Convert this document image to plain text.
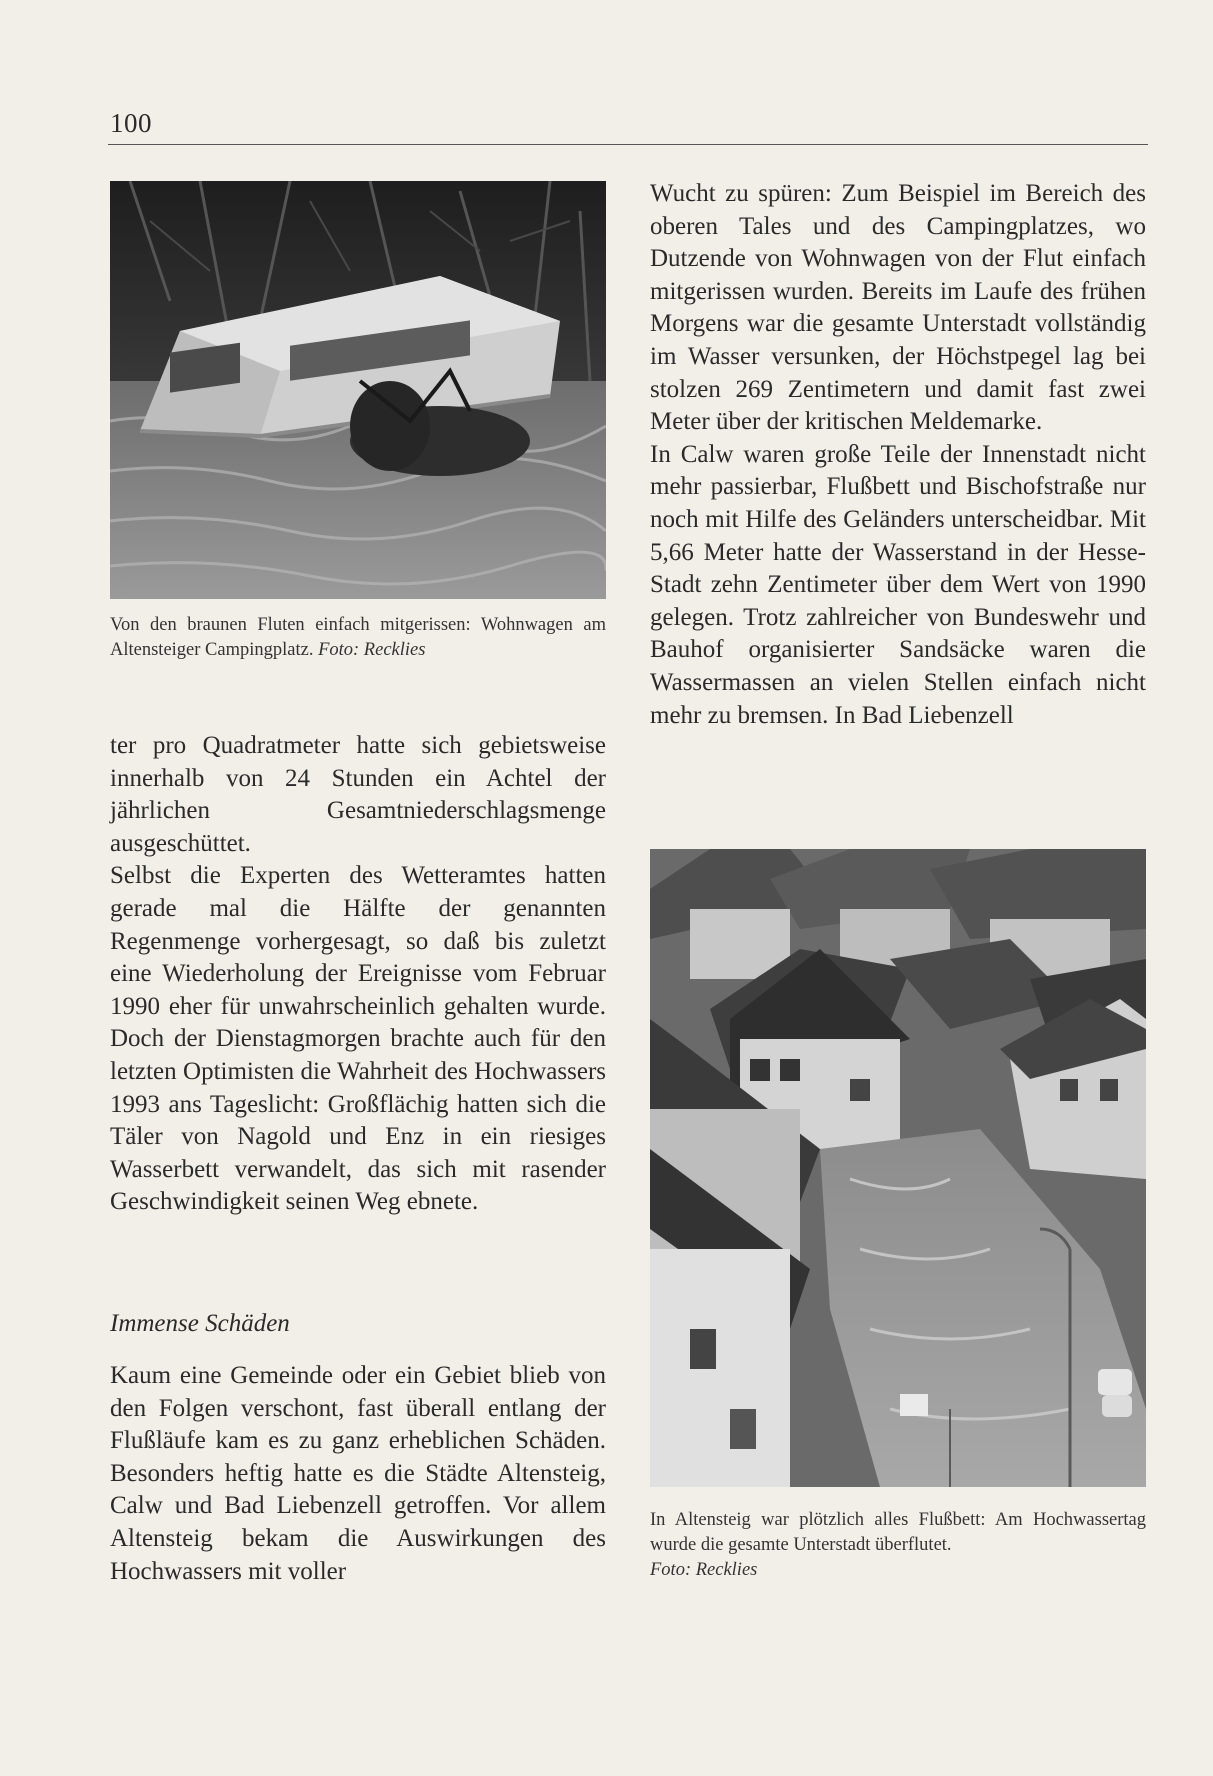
100
Von den braunen Fluten einfach mitgerissen: Wohnwagen am Altensteiger Campingplatz. Foto: Recklies

ter pro Quadratmeter hatte sich gebietsweise innerhalb von 24 Stunden ein Achtel der jährlichen Gesamtniederschlagsmenge ausgeschüttet.

Selbst die Experten des Wetteramtes hatten gerade mal die Hälfte der genannten Regenmenge vorhergesagt, so daß bis zuletzt eine Wiederholung der Ereignisse vom Februar 1990 eher für unwahrscheinlich gehalten wurde. Doch der Dienstagmorgen brachte auch für den letzten Optimisten die Wahrheit des Hochwassers 1993 ans Tageslicht: Großflächig hatten sich die Täler von Nagold und Enz in ein riesiges Wasserbett verwandelt, das sich mit rasender Geschwindigkeit seinen Weg ebnete.

Immense Schäden

Kaum eine Gemeinde oder ein Gebiet blieb von den Folgen verschont, fast überall entlang der Flußläufe kam es zu ganz erheblichen Schäden. Besonders heftig hatte es die Städte Altensteig, Calw und Bad Liebenzell getroffen. Vor allem Altensteig bekam die Auswirkungen des Hochwassers mit voller

Wucht zu spüren: Zum Beispiel im Bereich des oberen Tales und des Campingplatzes, wo Dutzende von Wohnwagen von der Flut einfach mitgerissen wurden. Bereits im Laufe des frühen Morgens war die gesamte Unterstadt vollständig im Wasser versunken, der Höchstpegel lag bei stolzen 269 Zentimetern und damit fast zwei Meter über der kritischen Meldemarke.

In Calw waren große Teile der Innenstadt nicht mehr passierbar, Flußbett und Bischofstraße nur noch mit Hilfe des Geländers unterscheidbar. Mit 5,66 Meter hatte der Wasserstand in der Hesse-Stadt zehn Zentimeter über dem Wert von 1990 gelegen. Trotz zahlreicher von Bundeswehr und Bauhof organisierter Sandsäcke waren die Wassermassen an vielen Stellen einfach nicht mehr zu bremsen. In Bad Liebenzell

In Altensteig war plötzlich alles Flußbett: Am Hochwassertag wurde die gesamte Unterstadt überflutet.
Foto: Recklies
